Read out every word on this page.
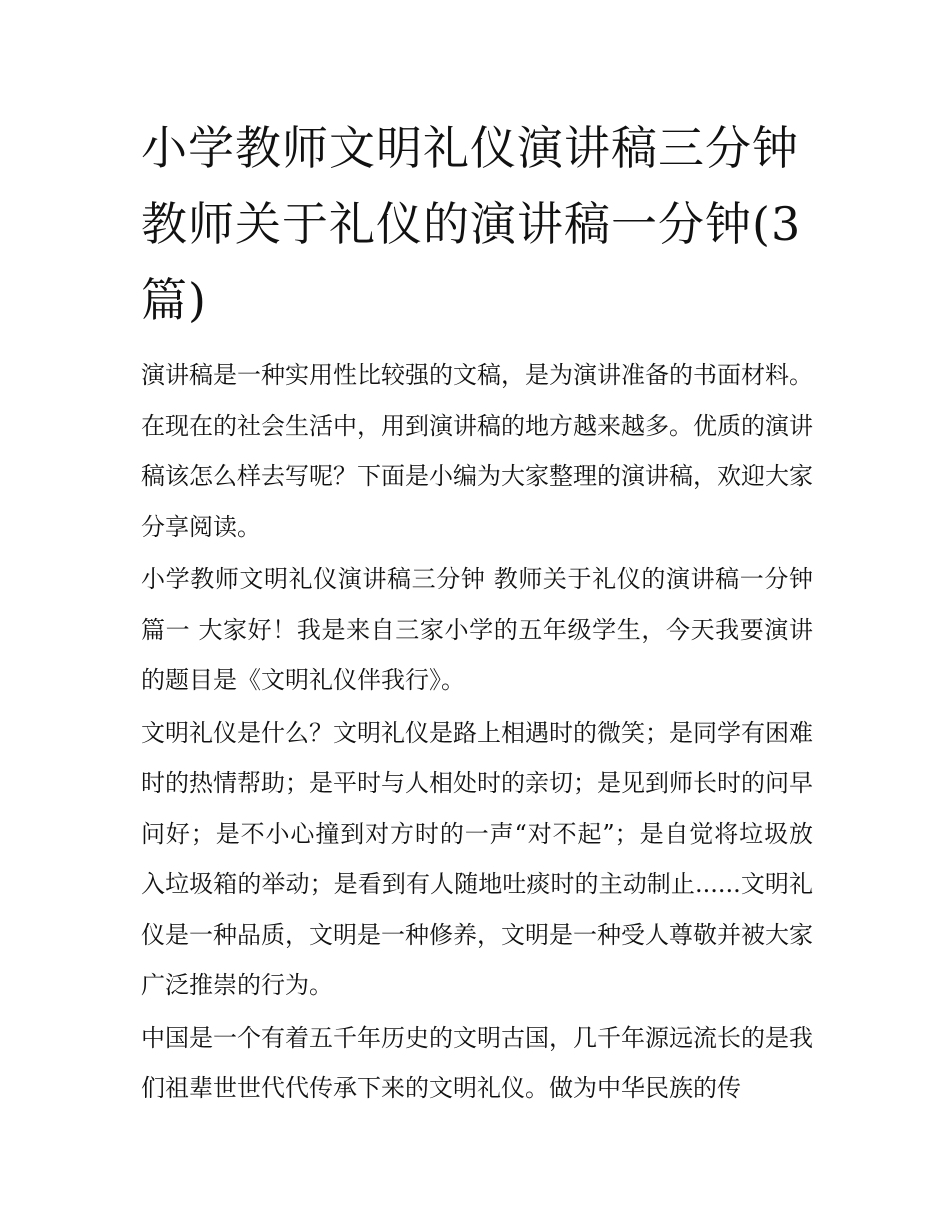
小学教师文明礼仪演讲稿三分钟 教师关于礼仪的演讲稿一分钟(3篇)

演讲稿是一种实用性比较强的文稿，是为演讲准备的书面材料。在现在的社会生活中，用到演讲稿的地方越来越多。优质的演讲稿该怎么样去写呢？下面是小编为大家整理的演讲稿，欢迎大家分享阅读。

小学教师文明礼仪演讲稿三分钟 教师关于礼仪的演讲稿一分钟篇一 大家好！我是来自三家小学的五年级学生，今天我要演讲的题目是《文明礼仪伴我行》。

文明礼仪是什么？文明礼仪是路上相遇时的微笑；是同学有困难时的热情帮助；是平时与人相处时的亲切；是见到师长时的问早问好；是不小心撞到对方时的一声“对不起”；是自觉将垃圾放入垃圾箱的举动；是看到有人随地吐痰时的主动制止......文明礼仪是一种品质，文明是一种修养，文明是一种受人尊敬并被大家广泛推崇的行为。

中国是一个有着五千年历史的文明古国，几千年源远流长的是我们祖辈世世代代传承下来的文明礼仪。做为中华民族的传
